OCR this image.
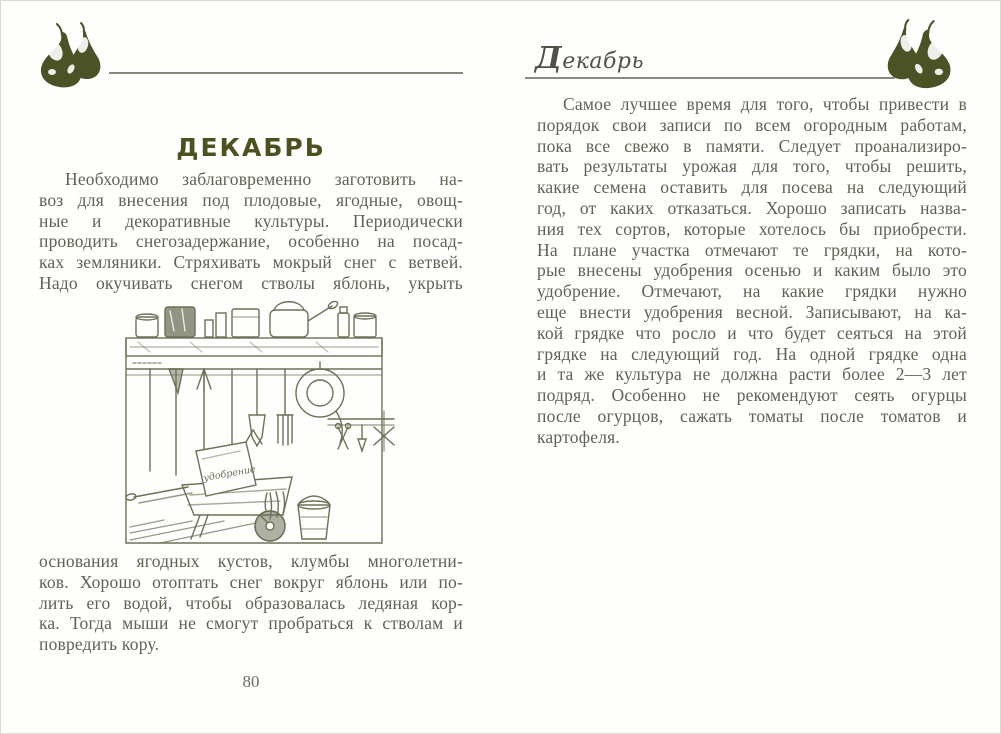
ДЕКАБРЬ
Необходимо заблаговременно заготовить на-
воз для внесения под плодовые, ягодные, овощ-
ные и декоративные культуры. Периодически
проводить снегозадержание, особенно на посад-
ках земляники. Стряхивать мокрый снег с ветвей.
Надо окучивать снегом стволы яблонь, укрыть
удобрение
основания ягодных кустов, клумбы многолетни-
ков. Хорошо отоптать снег вокруг яблонь или по-
лить его водой, чтобы образовалась ледяная кор-
ка. Тогда мыши не смогут пробраться к стволам и
повредить кору.
80
Декабрь
Самое лучшее время для того, чтобы привести в
порядок свои записи по всем огородным работам,
пока все свежо в памяти. Следует проанализиро-
вать результаты урожая для того, чтобы решить,
какие семена оставить для посева на следующий
год, от каких отказаться. Хорошо записать назва-
ния тех сортов, которые хотелось бы приобрести.
На плане участка отмечают те грядки, на кото-
рые внесены удобрения осенью и каким было это
удобрение. Отмечают, на какие грядки нужно
еще внести удобрения весной. Записывают, на ка-
кой грядке что росло и что будет сеяться на этой
грядке на следующий год. На одной грядке одна
и та же культура не должна расти более 2—3 лет
подряд. Особенно не рекомендуют сеять огурцы
после огурцов, сажать томаты после томатов и
картофеля.
